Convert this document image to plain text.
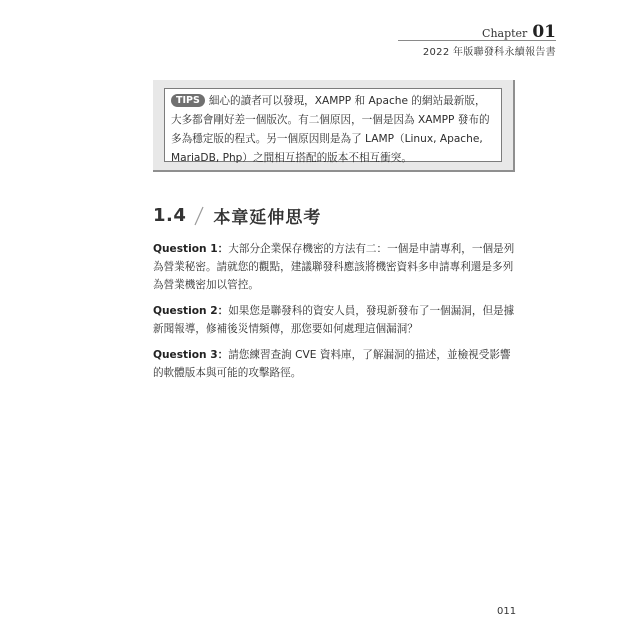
Chapter 01
2022 年版聯發科永續報告書
TIPS 細心的讀者可以發現，XAMPP 和 Apache 的網站最新版，大多都會剛好差一個版次。有二個原因，一個是因為 XAMPP 發布的多為穩定版的程式。另一個原因則是為了 LAMP（Linux, Apache, MariaDB, Php）之間相互搭配的版本不相互衝突。
1.4 本章延伸思考
Question 1：大部分企業保存機密的方法有二：一個是申請專利，一個是列為營業秘密。請就您的觀點，建議聯發科應該將機密資料多申請專利還是多列為營業機密加以管控。
Question 2：如果您是聯發科的資安人員，發現新發布了一個漏洞，但是據新聞報導，修補後災情頻傳，那您要如何處理這個漏洞？
Question 3：請您練習查詢 CVE 資料庫，了解漏洞的描述，並檢視受影響的軟體版本與可能的攻擊路徑。
011
